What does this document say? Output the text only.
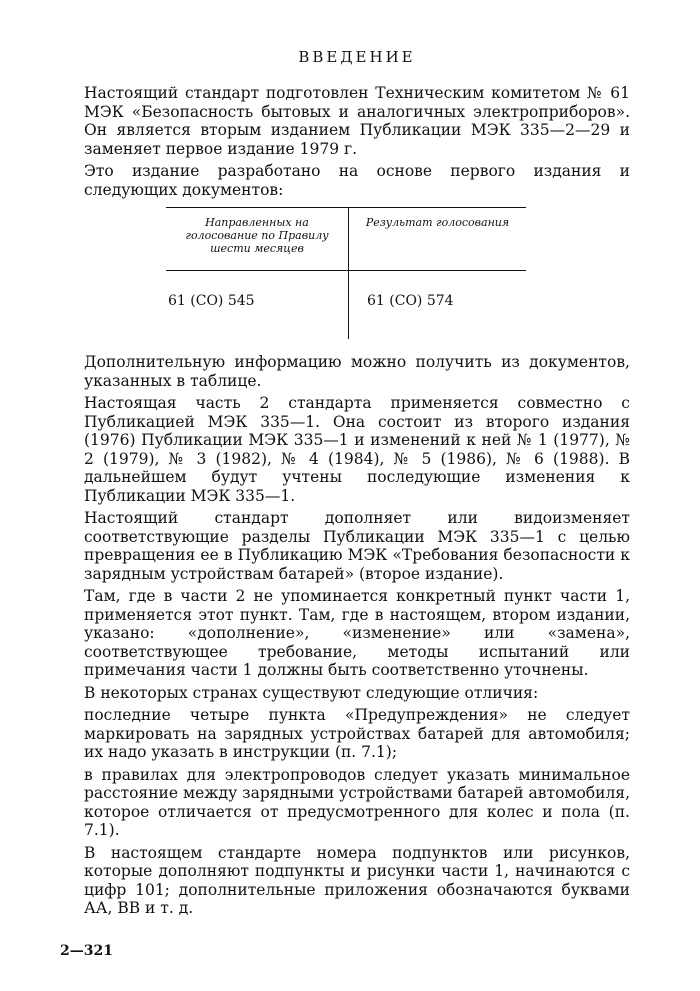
ВВЕДЕНИЕ

Настоящий стандарт подготовлен Техническим комитетом № 61 МЭК «Безопасность бытовых и аналогичных электроприборов». Он является вторым изданием Публикации МЭК 335—2—29 и заменяет первое издание 1979 г.

Это издание разработано на основе первого издания и следующих документов:

Направленных на голосование по Правилу шести месяцев	Результат голосования
61 (СО) 545	61 (СО) 574

Дополнительную информацию можно получить из документов, указанных в таблице.

Настоящая часть 2 стандарта применяется совместно с Публикацией МЭК 335—1. Она состоит из второго издания (1976) Публикации МЭК 335—1 и изменений к ней № 1 (1977), № 2 (1979), № 3 (1982), № 4 (1984), № 5 (1986), № 6 (1988). В дальнейшем будут учтены последующие изменения к Публикации МЭК 335—1.

Настоящий стандарт дополняет или видоизменяет соответствующие разделы Публикации МЭК 335—1 с целью превращения ее в Публикацию МЭК «Требования безопасности к зарядным устройствам батарей» (второе издание).

Там, где в части 2 не упоминается конкретный пункт части 1, применяется этот пункт. Там, где в настоящем, втором издании, указано: «дополнение», «изменение» или «замена», соответствующее требование, методы испытаний или примечания части 1 должны быть соответственно уточнены.

В некоторых странах существуют следующие отличия:

последние четыре пункта «Предупреждения» не следует маркировать на зарядных устройствах батарей для автомобиля; их надо указать в инструкции (п. 7.1);

в правилах для электропроводов следует указать минимальное расстояние между зарядными устройствами батарей автомобиля, которое отличается от предусмотренного для колес и пола (п. 7.1).

В настоящем стандарте номера подпунктов или рисунков, которые дополняют подпункты и рисунки части 1, начинаются с цифр 101; дополнительные приложения обозначаются буквами АА, ВВ и т. д.

2—321
